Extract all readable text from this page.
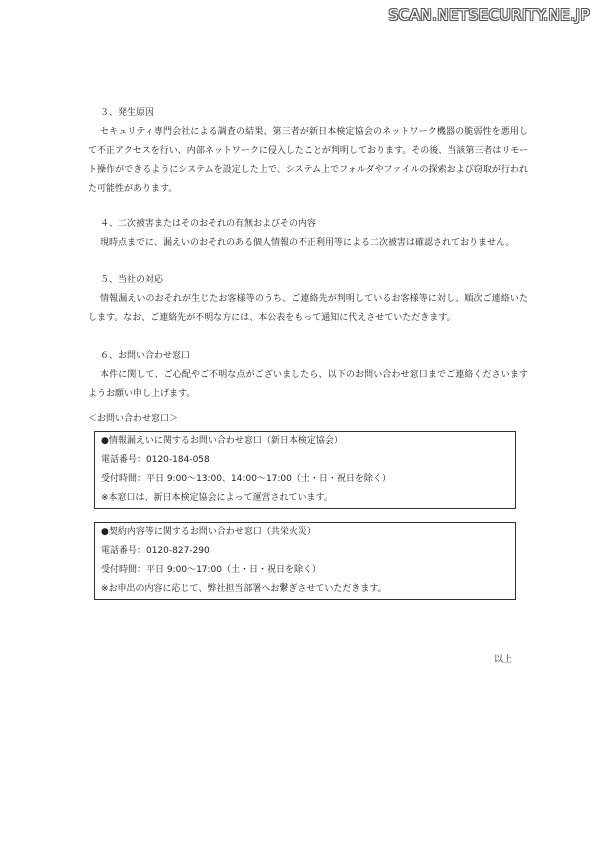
SCAN.NETSECURITY.NE.JP

３、発生原因

セキュリティ専門会社による調査の結果、第三者が新日本検定協会のネットワーク機器の脆弱性を悪用して不正アクセスを行い、内部ネットワークに侵入したことが判明しております。その後、当該第三者はリモート操作ができるようにシステムを設定した上で、システム上でフォルダやファイルの探索および窃取が行われた可能性があります。

４、二次被害またはそのおそれの有無およびその内容

現時点までに、漏えいのおそれのある個人情報の不正利用等による二次被害は確認されておりません。

５、当社の対応

情報漏えいのおそれが生じたお客様等のうち、ご連絡先が判明しているお客様等に対し、順次ご連絡いたします。なお、ご連絡先が不明な方には、本公表をもって通知に代えさせていただきます。

６、お問い合わせ窓口

本件に関して、ご心配やご不明な点がございましたら、以下のお問い合わせ窓口までご連絡くださいますようお願い申し上げます。

＜お問い合わせ窓口＞

●情報漏えいに関するお問い合わせ窓口（新日本検定協会）

電話番号：0120-184-058

受付時間：平日 9:00～13:00、14:00～17:00（土・日・祝日を除く）

※本窓口は、新日本検定協会によって運営されています。

●契約内容等に関するお問い合わせ窓口（共栄火災）

電話番号：0120-827-290

受付時間：平日 9:00～17:00（土・日・祝日を除く）

※お申出の内容に応じて、弊社担当部署へお繋ぎさせていただきます。

以上
